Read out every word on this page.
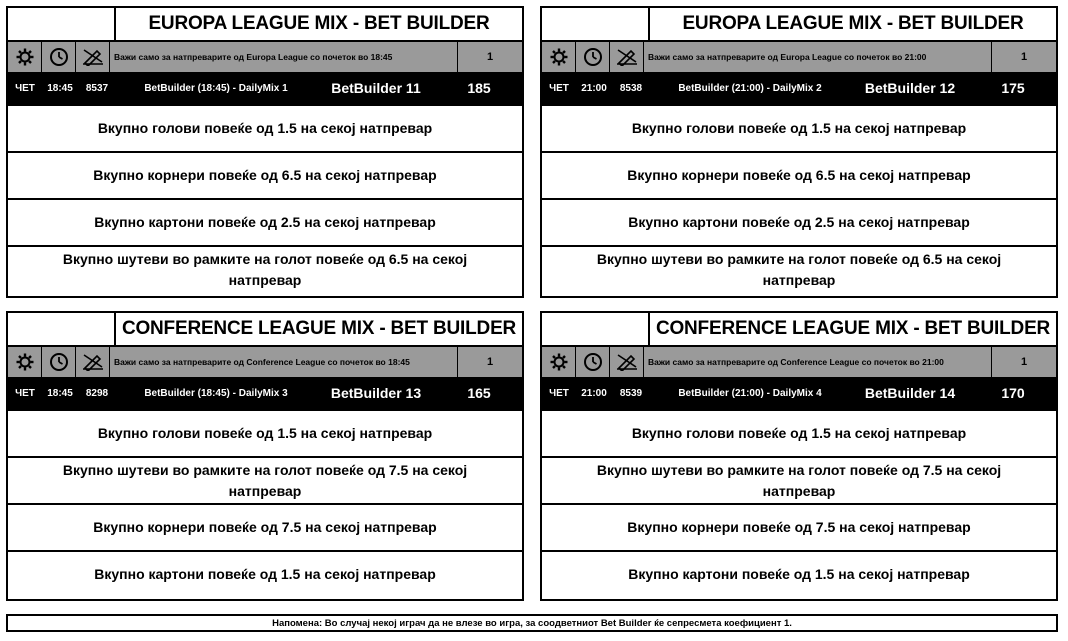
EUROPA LEAGUE MIX - BET BUILDER
Важи само за натпреварите од Europa League со почеток во 18:45	1
ЧЕТ	18:45	8537	BetBuilder (18:45) - DailyMix 1	BetBuilder 11	185
Вкупно голови повеќе од 1.5 на секој натпревар
Вкупно корнери повеќе од 6.5 на секој натпревар
Вкупно картони повеќе од 2.5 на секој натпревар
Вкупно шутеви во рамките на голот повеќе од 6.5 на секој натпревар
EUROPA LEAGUE MIX - BET BUILDER
Важи само за натпреварите од Europa League со почеток во 21:00	1
ЧЕТ	21:00	8538	BetBuilder (21:00) - DailyMix 2	BetBuilder 12	175
Вкупно голови повеќе од 1.5 на секој натпревар
Вкупно корнери повеќе од 6.5 на секој натпревар
Вкупно картони повеќе од 2.5 на секој натпревар
Вкупно шутеви во рамките на голот повеќе од 6.5 на секој натпревар
CONFERENCE LEAGUE MIX - BET BUILDER
Важи само за натпреварите од Conference League со почеток во 18:45	1
ЧЕТ	18:45	8298	BetBuilder (18:45) - DailyMix 3	BetBuilder 13	165
Вкупно голови повеќе од 1.5 на секој натпревар
Вкупно шутеви во рамките на голот повеќе од 7.5 на секој натпревар
Вкупно корнери повеќе од 7.5 на секој натпревар
Вкупно картони повеќе од 1.5 на секој натпревар
CONFERENCE LEAGUE MIX - BET BUILDER
Важи само за натпреварите од Conference League со почеток во 21:00	1
ЧЕТ	21:00	8539	BetBuilder (21:00) - DailyMix 4	BetBuilder 14	170
Вкупно голови повеќе од 1.5 на секој натпревар
Вкупно шутеви во рамките на голот повеќе од 7.5 на секој натпревар
Вкупно корнери повеќе од 7.5 на секој натпревар
Вкупно картони повеќе од 1.5 на секој натпревар
Напомена: Во случај некој играч да не влезе во игра, за соодветниот Bet Builder ќе сепресмета коефициент 1.
